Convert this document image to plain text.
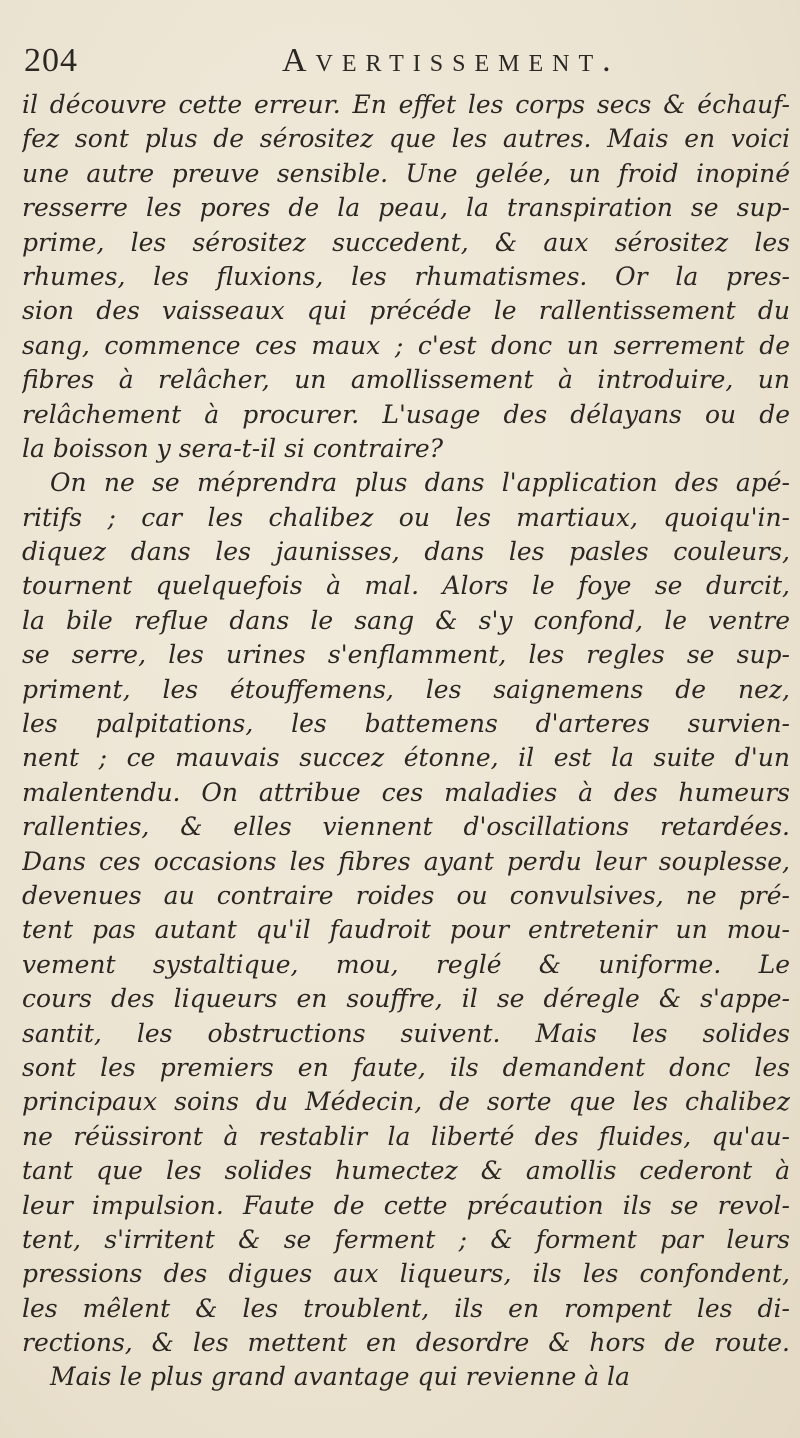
204	Avertissement.
il découvre cette erreur. En effet les corps secs & échauf-
fez sont plus de sérositez que les autres. Mais en voici
une autre preuve sensible. Une gelée, un froid inopiné
resserre les pores de la peau, la transpiration se sup-
prime, les sérositez succedent, & aux sérositez les
rhumes, les fluxions, les rhumatismes. Or la pres-
sion des vaisseaux qui précéde le rallentissement du
sang, commence ces maux ; c'est donc un serrement de
fibres à relâcher, un amollissement à introduire, un
relâchement à procurer. L'usage des délayans ou de
la boisson y sera-t-il si contraire?
On ne se méprendra plus dans l'application des apé-
ritifs ; car les chalibez ou les martiaux, quoiqu'in-
diquez dans les jaunisses, dans les pasles couleurs,
tournent quelquefois à mal. Alors le foye se durcit,
la bile reflue dans le sang & s'y confond, le ventre
se serre, les urines s'enflamment, les regles se sup-
priment, les étouffemens, les saignemens de nez,
les palpitations, les battemens d'arteres survien-
nent ; ce mauvais succez étonne, il est la suite d'un
malentendu. On attribue ces maladies à des humeurs
rallenties, & elles viennent d'oscillations retardées.
Dans ces occasions les fibres ayant perdu leur souplesse,
devenues au contraire roides ou convulsives, ne pré-
tent pas autant qu'il faudroit pour entretenir un mou-
vement systaltique, mou, reglé & uniforme. Le
cours des liqueurs en souffre, il se déregle & s'appe-
santit, les obstructions suivent. Mais les solides
sont les premiers en faute, ils demandent donc les
principaux soins du Médecin, de sorte que les chalibez
ne réüssiront à restablir la liberté des fluides, qu'au-
tant que les solides humectez & amollis cederont à
leur impulsion. Faute de cette précaution ils se revol-
tent, s'irritent & se ferment ; & forment par leurs
pressions des digues aux liqueurs, ils les confondent,
les mêlent & les troublent, ils en rompent les di-
rections, & les mettent en desordre & hors de route.
Mais le plus grand avantage qui revienne à la
